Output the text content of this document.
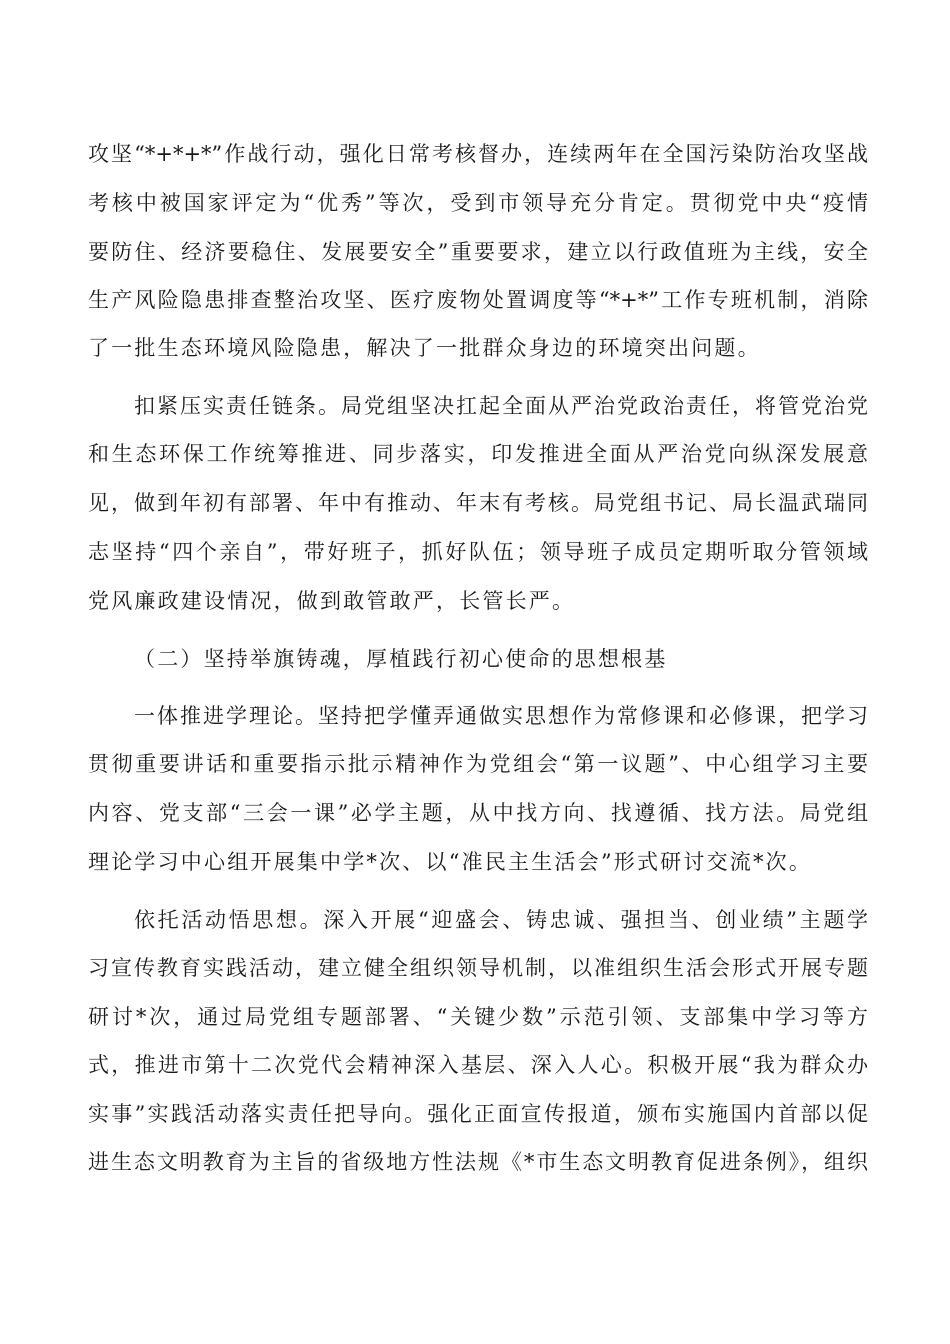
攻坚“*+*+*”作战行动，强化日常考核督办，连续两年在全国污染防治攻坚战
考核中被国家评定为“优秀”等次，受到市领导充分肯定。贯彻党中央“疫情
要防住、经济要稳住、发展要安全”重要要求，建立以行政值班为主线，安全
生产风险隐患排查整治攻坚、医疗废物处置调度等“*+*”工作专班机制，消除
了一批生态环境风险隐患，解决了一批群众身边的环境突出问题。
扣紧压实责任链条。局党组坚决扛起全面从严治党政治责任，将管党治党
和生态环保工作统筹推进、同步落实，印发推进全面从严治党向纵深发展意
见，做到年初有部署、年中有推动、年末有考核。局党组书记、局长温武瑞同
志坚持“四个亲自”，带好班子，抓好队伍；领导班子成员定期听取分管领域
党风廉政建设情况，做到敢管敢严，长管长严。
（二）坚持举旗铸魂，厚植践行初心使命的思想根基
一体推进学理论。坚持把学懂弄通做实思想作为常修课和必修课，把学习
贯彻重要讲话和重要指示批示精神作为党组会“第一议题”、中心组学习主要
内容、党支部“三会一课”必学主题，从中找方向、找遵循、找方法。局党组
理论学习中心组开展集中学*次、以“准民主生活会”形式研讨交流*次。
依托活动悟思想。深入开展“迎盛会、铸忠诚、强担当、创业绩”主题学
习宣传教育实践活动，建立健全组织领导机制，以准组织生活会形式开展专题
研讨*次，通过局党组专题部署、“关键少数”示范引领、支部集中学习等方
式，推进市第十二次党代会精神深入基层、深入人心。积极开展“我为群众办
实事”实践活动落实责任把导向。强化正面宣传报道，颁布实施国内首部以促
进生态文明教育为主旨的省级地方性法规《*市生态文明教育促进条例》，组织
